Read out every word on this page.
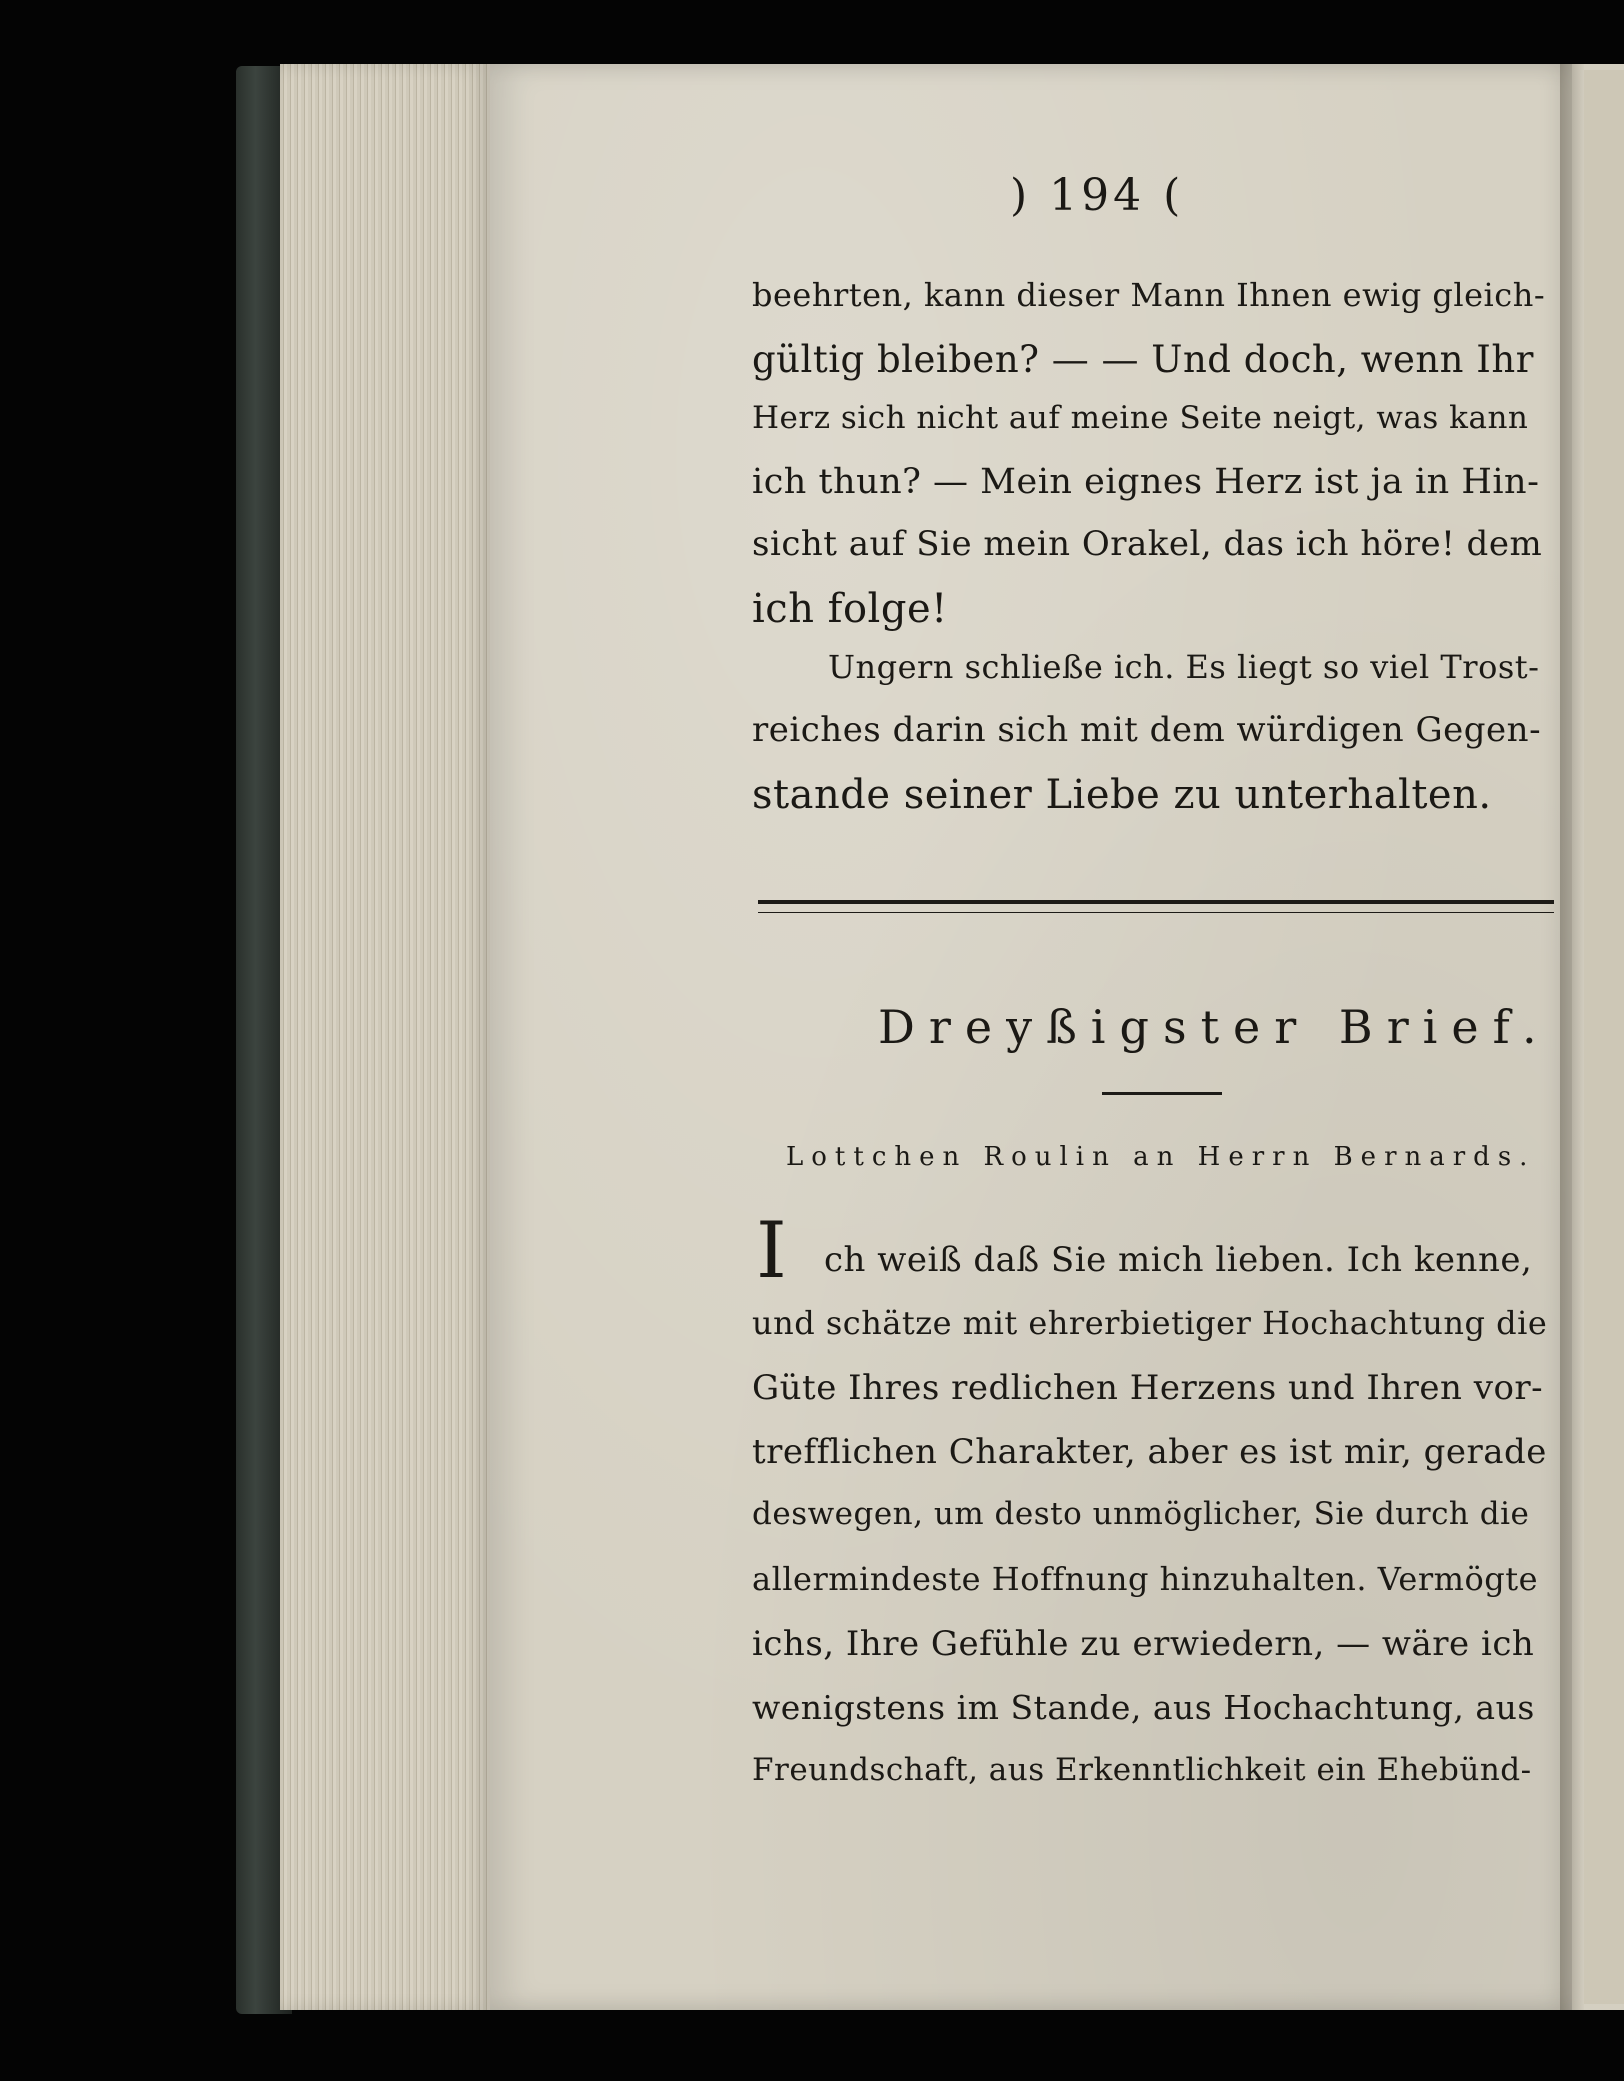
) 194 (

beehrten, kann dieser Mann Ihnen ewig gleich-

gültig bleiben? — — Und doch, wenn Ihr

Herz sich nicht auf meine Seite neigt, was kann

ich thun? — Mein eignes Herz ist ja in Hin-

sicht auf Sie mein Orakel, das ich höre! dem

ich folge!

Ungern schließe ich. Es liegt so viel Trost-

reiches darin sich mit dem würdigen Gegen-

stande seiner Liebe zu unterhalten.

Dreyßigster Brief.

Lottchen Roulin an Herrn Bernards.

I ch weiß daß Sie mich lieben. Ich kenne,

und schätze mit ehrerbietiger Hochachtung die

Güte Ihres redlichen Herzens und Ihren vor-

trefflichen Charakter, aber es ist mir, gerade

deswegen, um desto unmöglicher, Sie durch die

allermindeste Hoffnung hinzuhalten. Vermögte

ichs, Ihre Gefühle zu erwiedern, — wäre ich

wenigstens im Stande, aus Hochachtung, aus

Freundschaft, aus Erkenntlichkeit ein Ehebünd-
